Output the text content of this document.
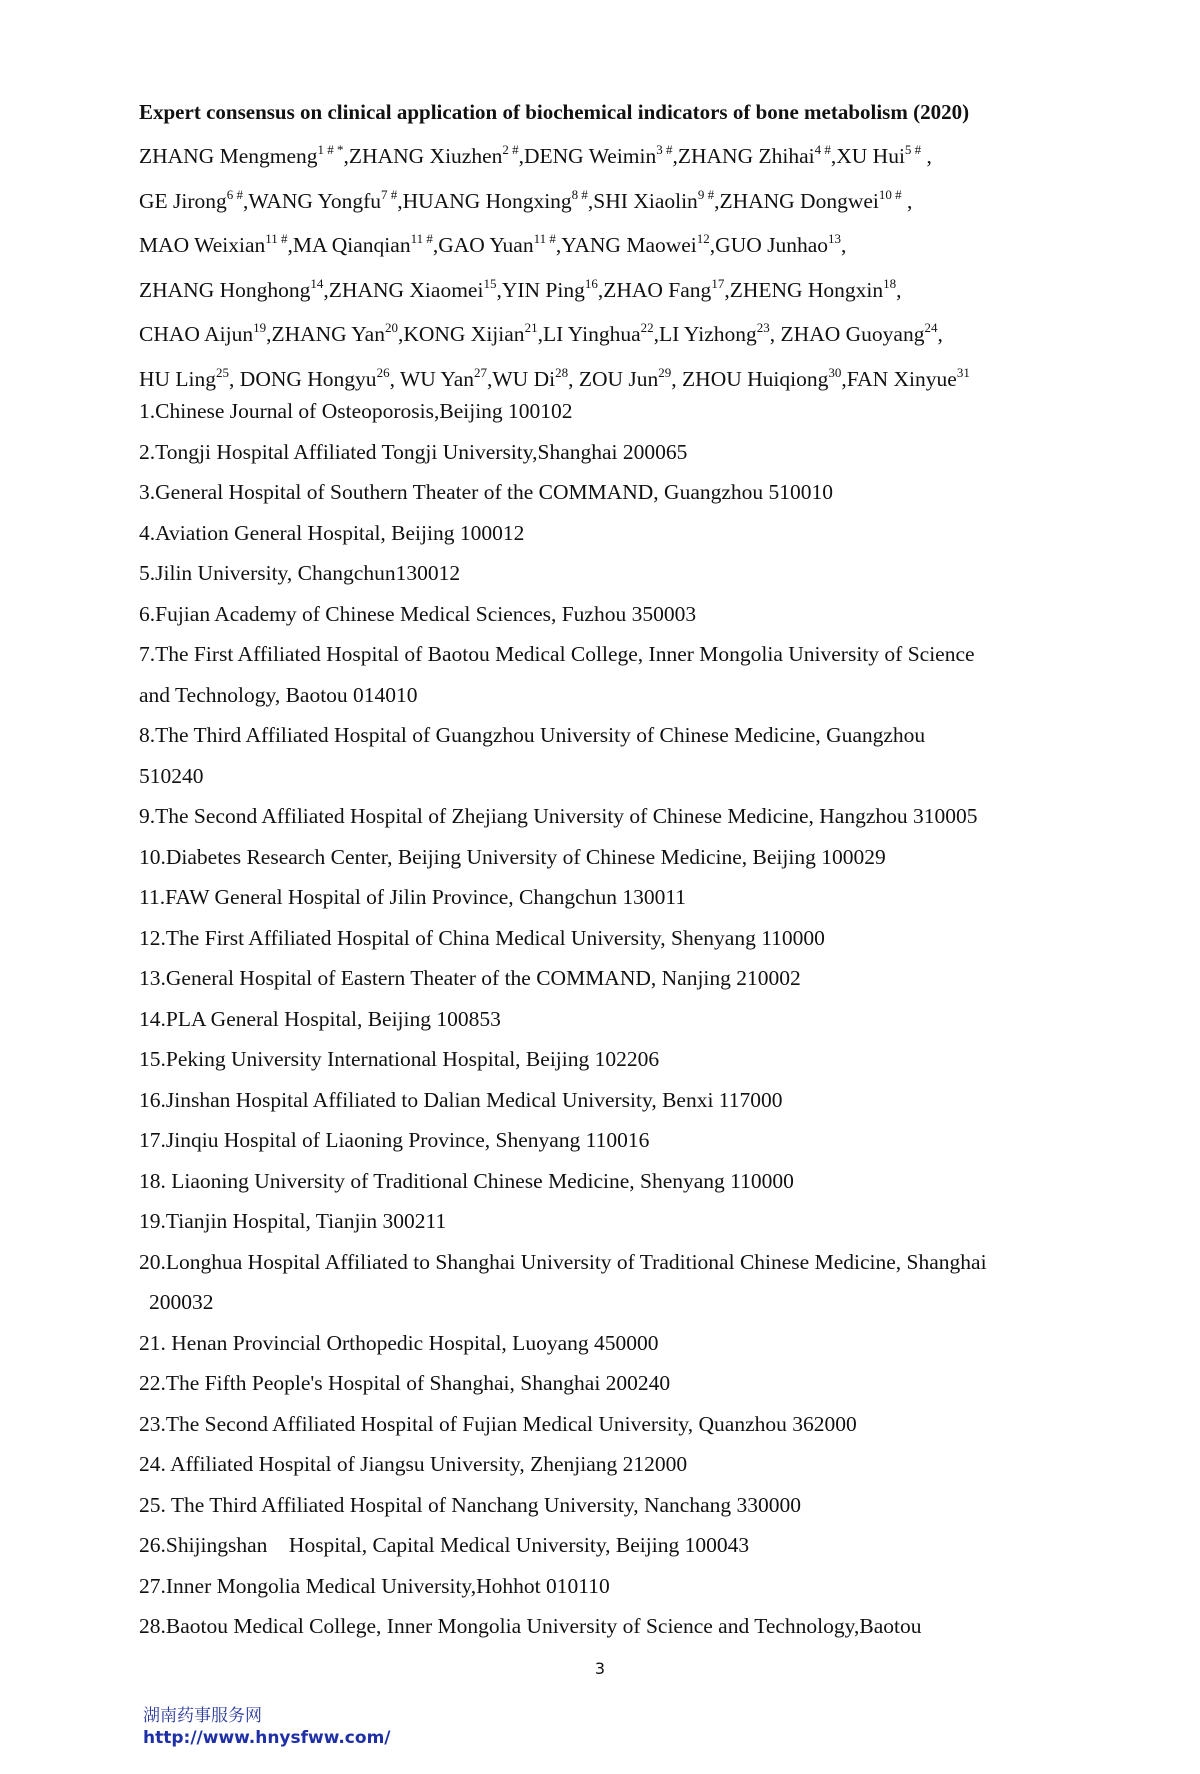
Expert consensus on clinical application of biochemical indicators of bone metabolism (2020)
ZHANG Mengmeng$^{1 \# *}$,ZHANG Xiuzhen$^{2 \#}$,DENG Weimin$^{3 \#}$,ZHANG Zhihai$^{4 \#}$,XU Hui$^{5 \#}$ ,
GE Jirong$^{6 \#}$,WANG Yongfu$^{7 \#}$,HUANG Hongxing$^{8 \#}$,SHI Xiaolin$^{9 \#}$,ZHANG Dongwei$^{10 \#}$ ,
MAO Weixian$^{11 \#}$,MA Qianqian$^{11 \#}$,GAO Yuan$^{11 \#}$,YANG Maowei$^{12}$,GUO Junhao$^{13}$,
ZHANG Honghong$^{14}$,ZHANG Xiaomei$^{15}$,YIN Ping$^{16}$,ZHAO Fang$^{17}$,ZHENG Hongxin$^{18}$,
CHAO Aijun$^{19}$,ZHANG Yan$^{20}$,KONG Xijian$^{21}$,LI Yinghua$^{22}$,LI Yizhong$^{23}$, ZHAO Guoyang$^{24}$,
HU Ling$^{25}$, DONG Hongyu$^{26}$, WU Yan$^{27}$,WU Di$^{28}$, ZOU Jun$^{29}$, ZHOU Huiqiong$^{30}$,FAN Xinyue$^{31}$
1.Chinese Journal of Osteoporosis,Beijing 100102
2.Tongji Hospital Affiliated Tongji University,Shanghai 200065
3.General Hospital of Southern Theater of the COMMAND, Guangzhou 510010
4.Aviation General Hospital, Beijing 100012
5.Jilin University, Changchun130012
6.Fujian Academy of Chinese Medical Sciences, Fuzhou 350003
7.The First Affiliated Hospital of Baotou Medical College, Inner Mongolia University of Science
and Technology, Baotou 014010
8.The Third Affiliated Hospital of Guangzhou University of Chinese Medicine, Guangzhou
510240
9.The Second Affiliated Hospital of Zhejiang University of Chinese Medicine, Hangzhou 310005
10.Diabetes Research Center, Beijing University of Chinese Medicine, Beijing 100029
11.FAW General Hospital of Jilin Province, Changchun 130011
12.The First Affiliated Hospital of China Medical University, Shenyang 110000
13.General Hospital of Eastern Theater of the COMMAND, Nanjing 210002
14.PLA General Hospital, Beijing 100853
15.Peking University International Hospital, Beijing 102206
16.Jinshan Hospital Affiliated to Dalian Medical University, Benxi 117000
17.Jinqiu Hospital of Liaoning Province, Shenyang 110016
18. Liaoning University of Traditional Chinese Medicine, Shenyang 110000
19.Tianjin Hospital, Tianjin 300211
20.Longhua Hospital Affiliated to Shanghai University of Traditional Chinese Medicine, Shanghai
200032
21. Henan Provincial Orthopedic Hospital, Luoyang 450000
22.The Fifth People's Hospital of Shanghai, Shanghai 200240
23.The Second Affiliated Hospital of Fujian Medical University, Quanzhou 362000
24. Affiliated Hospital of Jiangsu University, Zhenjiang 212000
25. The Third Affiliated Hospital of Nanchang University, Nanchang 330000
26.Shijingshan    Hospital, Capital Medical University, Beijing 100043
27.Inner Mongolia Medical University,Hohhot 010110
28.Baotou Medical College, Inner Mongolia University of Science and Technology,Baotou
3
湖南药事服务网
http://www.hnysfww.com/
